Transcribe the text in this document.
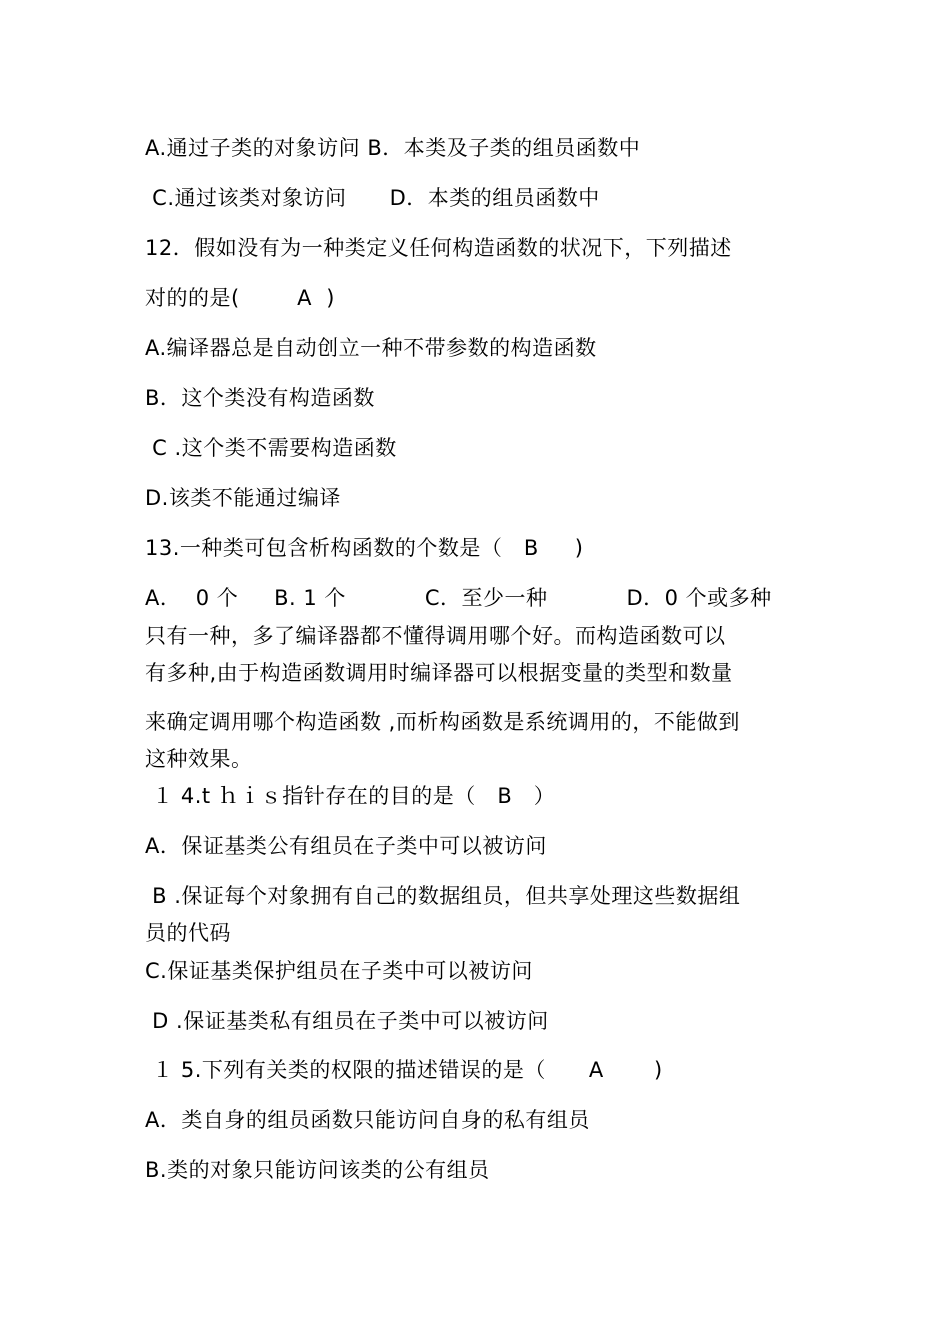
A.通过子类的对象访问 B．本类及子类的组员函数中
C.通过该类对象访问      D．本类的组员函数中
12．假如没有为一种类定义任何构造函数的状况下，下列描述
对的的是(        A  )
A.编译器总是自动创立一种不带参数的构造函数
B．这个类没有构造函数
C .这个类不需要构造函数
D.该类不能通过编译
13.一种类可包含析构函数的个数是（   B     )
A．  0 个     B. 1 个           C．至少一种           D．0 个或多种
只有一种，多了编译器都不懂得调用哪个好。而构造函数可以
有多种,由于构造函数调用时编译器可以根据变量的类型和数量
来确定调用哪个构造函数 ,而析构函数是系统调用的，不能做到
这种效果。
１ 4.t ｈｉｓ指针存在的目的是（   B   ）
A．保证基类公有组员在子类中可以被访问
B .保证每个对象拥有自己的数据组员，但共享处理这些数据组
员的代码
C.保证基类保护组员在子类中可以被访问
D .保证基类私有组员在子类中可以被访问
１ 5.下列有关类的权限的描述错误的是（      A       )
A．类自身的组员函数只能访问自身的私有组员
B.类的对象只能访问该类的公有组员
